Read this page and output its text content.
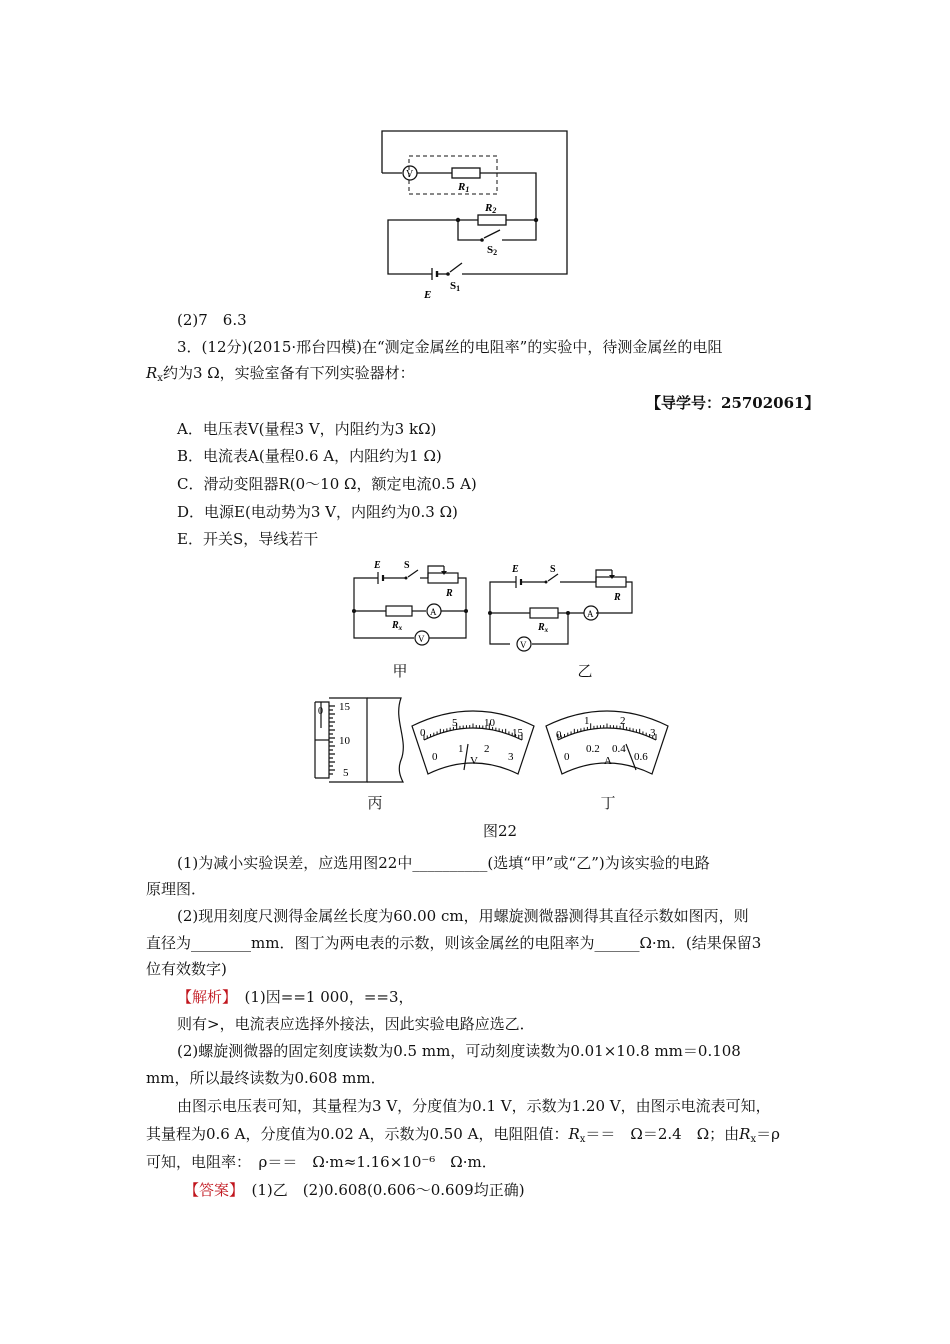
V
R1
R2
S2
E
S1
(2)7　6.3
3．(12分)(2015·邢台四模)在“测定金属丝的电阻率”的实验中，待测金属丝的电阻
$R_x$约为3 Ω，实验室备有下列实验器材：
【导学号：25702061】
A．电压表V(量程3 V，内阻约为3 kΩ)
B．电流表A(量程0.6 A，内阻约为1 Ω)
C．滑动变阻器R(0～10 Ω，额定电流0.5 A)
D．电源E(电动势为3 V，内阻约为0.3 Ω)
E．开关S，导线若干
E S
R
$R_x$
A
V
甲
E	S
R
$R_x$
A
V
乙
0 15
10
5
丙
0
5 10
15
0
1 2
3
V
0
1	2
3
0
0.2 0.4
0.6
A
丁
图22
(1)为减小实验误差，应选用图22中__________(选填“甲”或“乙”)为该实验的电路
原理图．
(2)现用刻度尺测得金属丝长度为60.00 cm，用螺旋测微器测得其直径示数如图丙，则
直径为________mm．图丁为两电表的示数，则该金属丝的电阻率为______Ω·m．(结果保留3
位有效数字)
【解析】　(1)因==1 000，==3，
则有>，电流表应选择外接法，因此实验电路应选乙．
(2)螺旋测微器的固定刻度读数为0.5 mm，可动刻度读数为0.01×10.8 mm＝0.108
mm，所以最终读数为0.608 mm．
由图示电压表可知，其量程为3 V，分度值为0.1 V，示数为1.20 V，由图示电流表可知，
其量程为0.6 A，分度值为0.02 A，示数为0.50 A，电阻阻值：$R_x==$　Ω＝2.4　Ω；由$R_x=\rho$
可知，电阻率：　ρ＝＝　Ω·m≈1.16×10⁻⁶　Ω·m．
【答案】　(1)乙　(2)0.608(0.606～0.609均正确)
